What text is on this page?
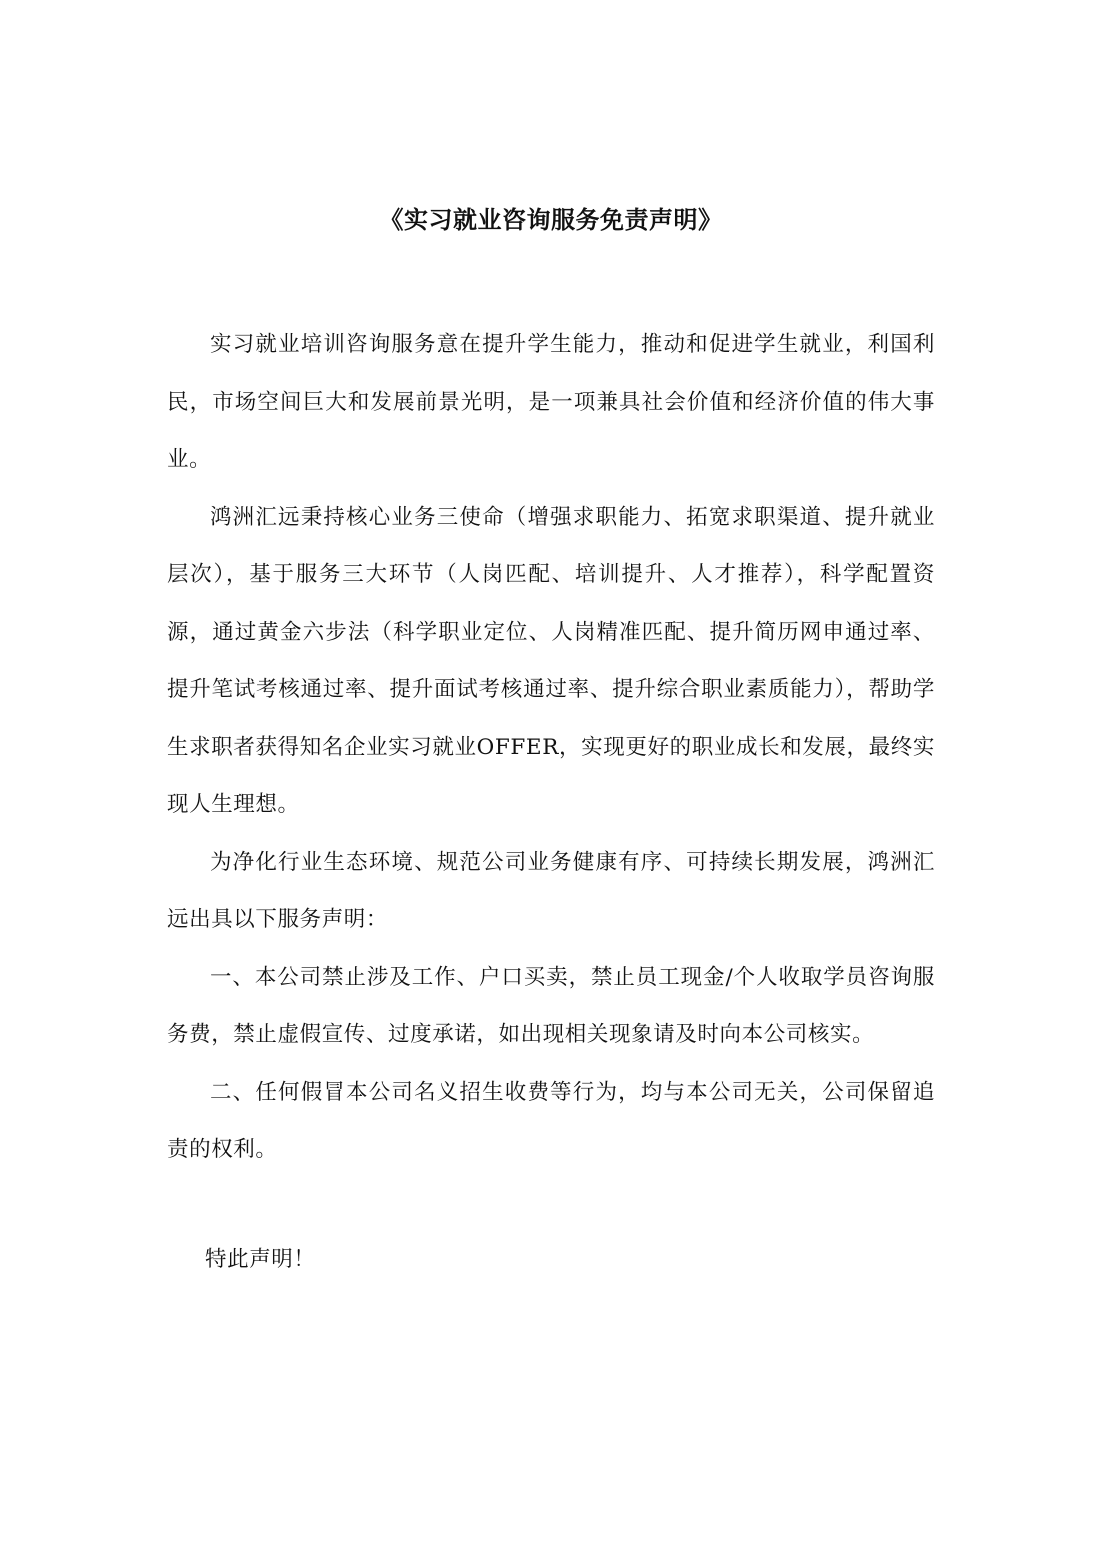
《实习就业咨询服务免责声明》

实习就业培训咨询服务意在提升学生能力，推动和促进学生就业，利国利民，市场空间巨大和发展前景光明，是一项兼具社会价值和经济价值的伟大事业。

鸿洲汇远秉持核心业务三使命（增强求职能力、拓宽求职渠道、提升就业层次），基于服务三大环节（人岗匹配、培训提升、人才推荐），科学配置资源，通过黄金六步法（科学职业定位、人岗精准匹配、提升简历网申通过率、提升笔试考核通过率、提升面试考核通过率、提升综合职业素质能力），帮助学生求职者获得知名企业实习就业OFFER，实现更好的职业成长和发展，最终实现人生理想。

为净化行业生态环境、规范公司业务健康有序、可持续长期发展，鸿洲汇远出具以下服务声明：

一、本公司禁止涉及工作、户口买卖，禁止员工现金/个人收取学员咨询服务费，禁止虚假宣传、过度承诺，如出现相关现象请及时向本公司核实。

二、任何假冒本公司名义招生收费等行为，均与本公司无关，公司保留追责的权利。

特此声明！
